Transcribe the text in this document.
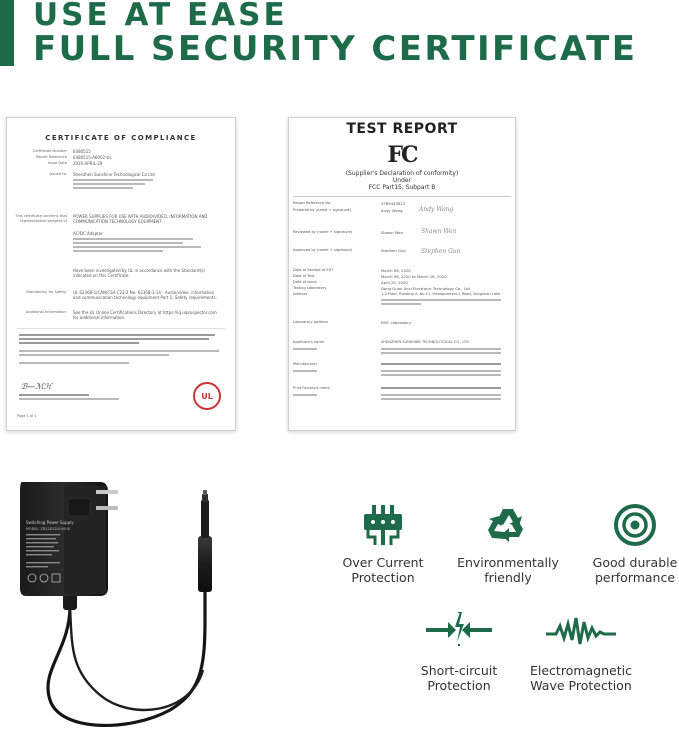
USE AT EASE
FULL SECURITY CERTIFICATE
CERTIFICATE OF COMPLIANCE
Certificate Number E480515
Report Reference E480515-A6002-UL
Issue Date 2020-APRIL-29
Issued to: Shenzhen Sunshine Technological Co Ltd
This certificate confirms that representative samples of
POWER SUPPLIES FOR USE WITH AUDIO/VIDEO, INFORMATION AND COMMUNICATION TECHNOLOGY EQUIPMENT
AC/DC Adapter
Have been investigated by UL in accordance with the Standard(s) indicated on this Certificate.
Standard(s) for Safety: UL 62368-1/CAN/CSA C22.2 No. 62368-1-14 - Audio/video, information and communication technology equipment Part 1: Safety requirements.
Additional Information: See the UL Online Certifications Directory at https://iq.ulprospector.com for additional information.
ℬ—ℳℋ
UL
Page 1 of 1
TEST REPORT
FC
(Supplier's Declaration of conformity)
Under
FCC Part15, Subpart B
Report Reference No.	4789443823
Prepared by (name + signature)	Andy Wang	Andy Wang
Reviewed by (name + signature)	Shawn Wen	Shawn Wen
Approved by (name + signature)	Stephen Guo	Stephen Guo
Date of Receipt of EUT	March 06, 2020
Date of Test	March 06, 2020 to March 16, 2020
Date of Issue	April 25, 2020
Testing Laboratory	Dong Guan Anci Electronic Technology Co., Ltd
Address	1-2 Floor, Building A, No.11, Headquarters 2 Road, Songshan Lake
Laboratory location	EMC Laboratory
Applicant's name	SHENZHEN SUNSHINE TECHNOLOGICAL CO., LTD
Manufacturer
Print Factory's name
Switching Power Supply
MODEL: ZD12D120100US
Over Current
Protection
Environmentally
friendly
Good durable
performance
Short-circuit
Protection
Electromagnetic
Wave Protection
